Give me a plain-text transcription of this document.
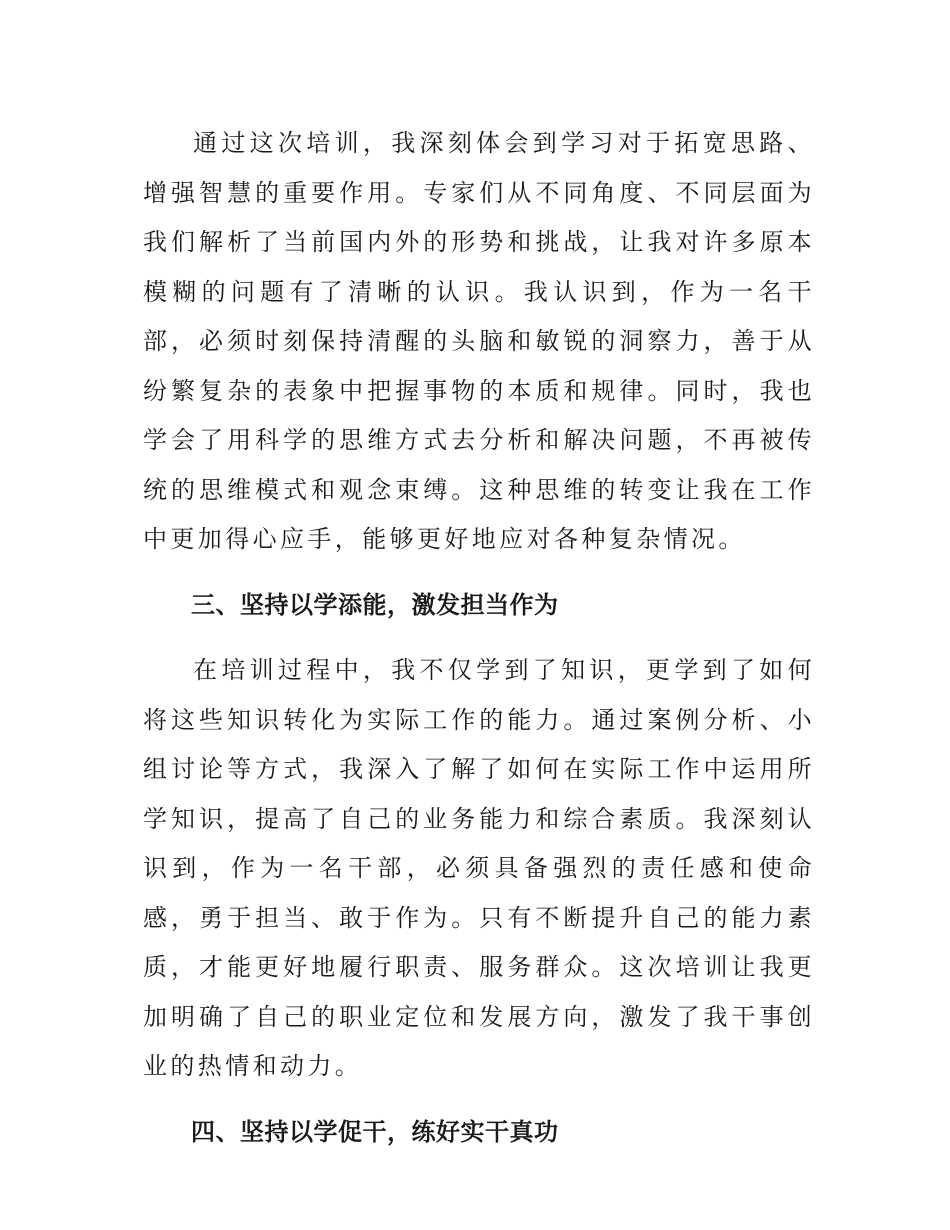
通过这次培训，我深刻体会到学习对于拓宽思路、增强智慧的重要作用。专家们从不同角度、不同层面为我们解析了当前国内外的形势和挑战，让我对许多原本模糊的问题有了清晰的认识。我认识到，作为一名干部，必须时刻保持清醒的头脑和敏锐的洞察力，善于从纷繁复杂的表象中把握事物的本质和规律。同时，我也学会了用科学的思维方式去分析和解决问题，不再被传统的思维模式和观念束缚。这种思维的转变让我在工作中更加得心应手，能够更好地应对各种复杂情况。

三、坚持以学添能，激发担当作为

在培训过程中，我不仅学到了知识，更学到了如何将这些知识转化为实际工作的能力。通过案例分析、小组讨论等方式，我深入了解了如何在实际工作中运用所学知识，提高了自己的业务能力和综合素质。我深刻认识到，作为一名干部，必须具备强烈的责任感和使命感，勇于担当、敢于作为。只有不断提升自己的能力素质，才能更好地履行职责、服务群众。这次培训让我更加明确了自己的职业定位和发展方向，激发了我干事创业的热情和动力。

四、坚持以学促干，练好实干真功
